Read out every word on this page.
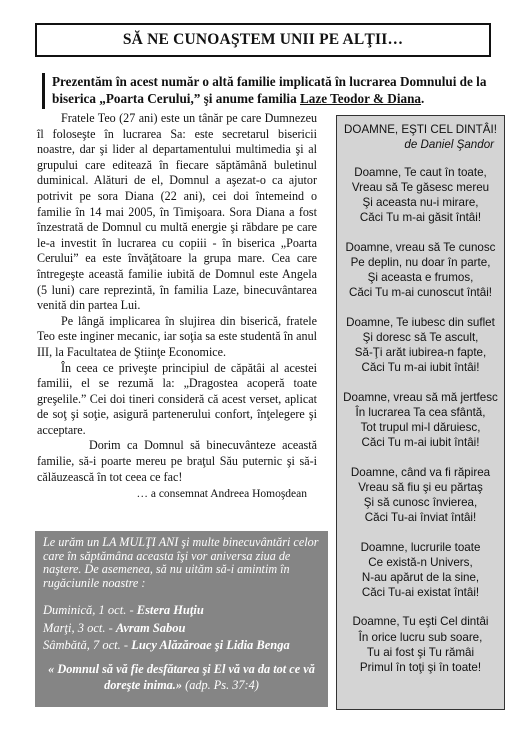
SĂ NE CUNOAŞTEM UNII PE ALŢII…
Prezentăm în acest număr o altă familie implicată în lucrarea Domnului de la biserica „Poarta Cerului,” şi anume familia Laze Teodor & Diana.

Fratele Teo (27 ani) este un tânăr pe care Dumnezeu îl foloseşte în lucrarea Sa: este secretarul bisericii noastre, dar şi lider al departamentului multimedia şi al grupului care editează în fiecare săptămână buletinul duminical. Alături de el, Domnul a aşezat-o ca ajutor potrivit pe sora Diana (22 ani), cei doi întemeind o familie în 14 mai 2005, în Timişoara. Sora Diana a fost înzestrată de Domnul cu multă energie şi răbdare pe care le-a investit în lucrarea cu copiii - în biserica „Poarta Cerului” ea este învăţătoare la grupa mare. Cea care întregeşte această familie iubită de Domnul este Angela (5 luni) care reprezintă, în familia Laze, binecuvântarea venită din partea Lui.

Pe lângă implicarea în slujirea din biserică, fratele Teo este inginer mecanic, iar soţia sa este studentă în anul III, la Facultatea de Ştiinţe Economice.

În ceea ce priveşte principiul de căpătâi al acestei familii, el se rezumă la: „Dragostea acoperă toate greşelile.” Cei doi tineri consideră că acest verset, aplicat de soţ şi soţie, asigură partenerului confort, înţelegere şi acceptare.

Dorim ca Domnul să binecuvânteze această familie, să-i poarte mereu pe braţul Său puternic şi să-i călăuzească în tot ceea ce fac!

… a consemnat Andreea Homoşdean

Le urăm un LA MULŢI ANI şi multe binecuvântări celor care în săptămâna aceasta îşi vor aniversa ziua de naştere. De asemenea, să nu uităm să-i amintim în rugăciunile noastre :
Duminică, 1 oct. - Estera Huţiu
Marţi, 3 oct. - Avram Sabou
Sâmbătă, 7 oct. - Lucy Alăzăroae şi Lidia Benga
« Domnul să vă fie desfătarea şi El vă va da tot ce vă doreşte inima.» (adp. Ps. 37:4)
DOAMNE, EŞTI CEL DINTÂI!
de Daniel Şandor
Doamne, Te caut în toate,
Vreau să Te găsesc mereu
Şi aceasta nu-i mirare,
Căci Tu m-ai găsit întâi!
Doamne, vreau să Te cunosc
Pe deplin, nu doar în parte,
Şi aceasta e frumos,
Căci Tu m-ai cunoscut întâi!
Doamne, Te iubesc din suflet
Şi doresc să Te ascult,
Să-Ţi arăt iubirea-n fapte,
Căci Tu m-ai iubit întâi!
Doamne, vreau să mă jertfesc
În lucrarea Ta cea sfântă,
Tot trupul mi-l dăruiesc,
Căci Tu m-ai iubit întâi!
Doamne, când va fi răpirea
Vreau să fiu şi eu părtaş
Şi să cunosc învierea,
Căci Tu-ai înviat întâi!
Doamne, lucrurile toate
Ce există-n Univers,
N-au apărut de la sine,
Căci Tu-ai existat întâi!
Doamne, Tu eşti Cel dintâi
În orice lucru sub soare,
Tu ai fost şi Tu rămâi
Primul în toţi şi în toate!
